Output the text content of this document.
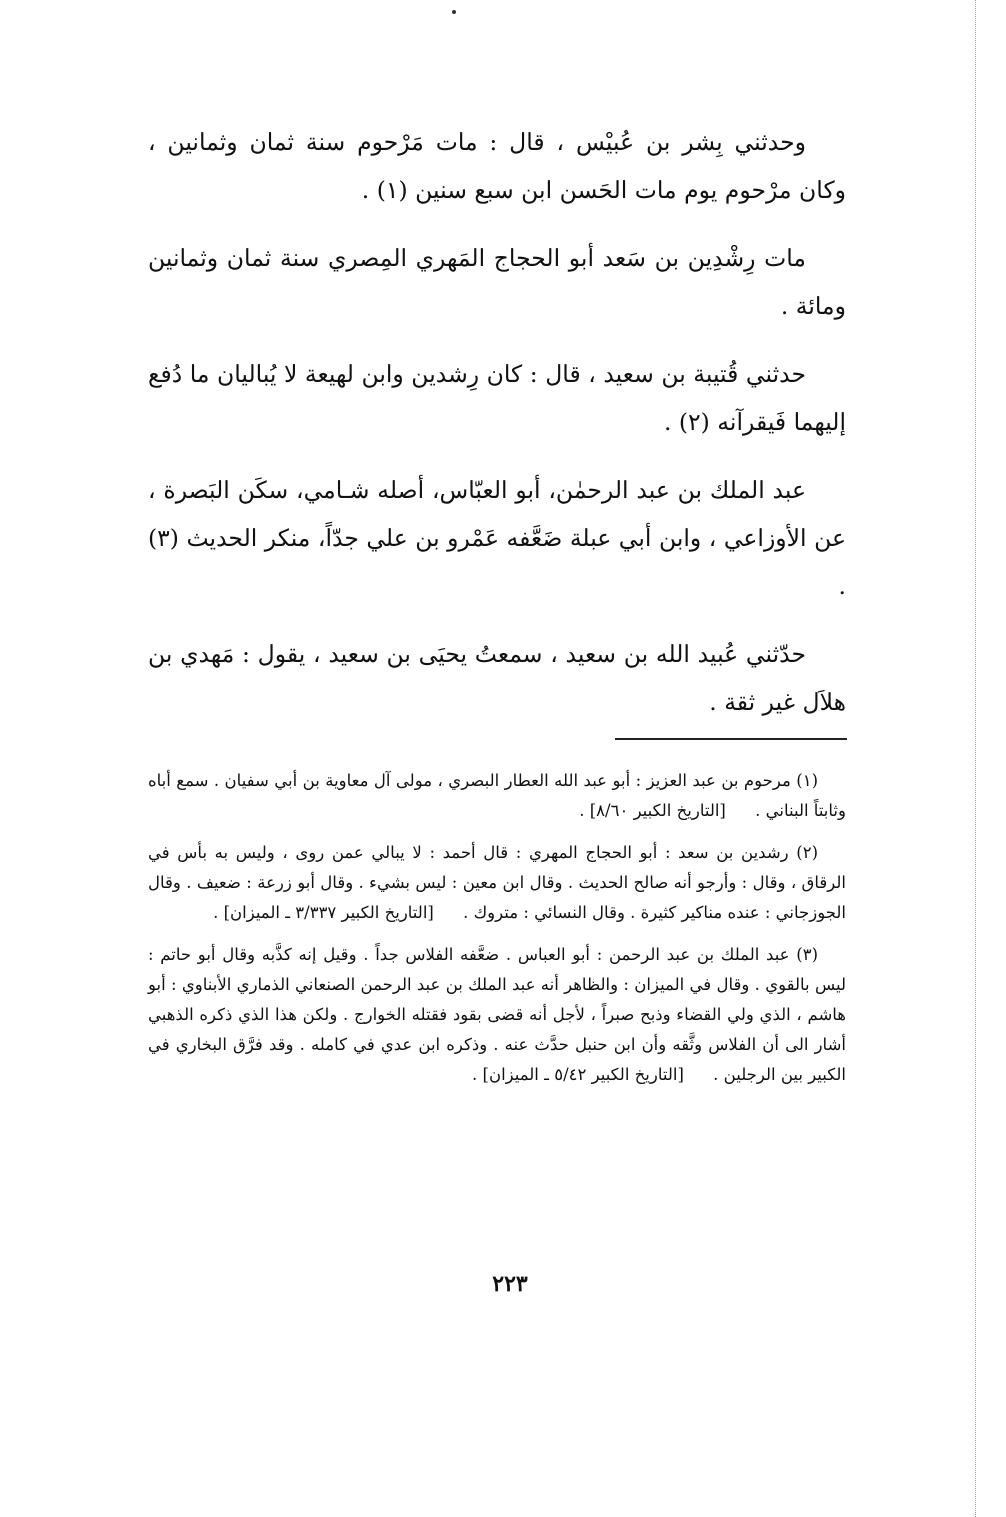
وحدثني بِشر بن عُبيْس ، قال : مات مَرْحوم سنة ثمان وثمانين ، وكان مرْحوم يوم مات الحَسن ابن سبع سنين (١) .

مات رِشْدِين بن سَعد أبو الحجاج المَهري المِصري سنة ثمان وثمانين ومائة .

حدثني قُتيبة بن سعيد ، قال : كان رِشدين وابن لهيعة لا يُباليان ما دُفع إليهما فَيقرآنه (٢) .

عبد الملك بن عبد الرحمٰن، أبو العبّاس، أصله شـامي، سكَن البَصرة ، عن الأوزاعي ، وابن أبي عبلة ضَعَّفه عَمْرو بن علي جدّاً، منكر الحديث (٣) .

حدّثني عُبيد الله بن سعيد ، سمعتُ يحيَى بن سعيد ، يقول : مَهدي بن هلاَل غير ثقة .

(١) مرحوم بن عبد العزيز : أبو عبد الله العطار البصري ، مولى آل معاوية بن أبي سفيان . سمع أباه وثابتاً البناني . [التاريخ الكبير ٨/٦٠] .

(٢) رشدين بن سعد : أبو الحجاج المهري : قال أحمد : لا يبالي عمن روى ، وليس به بأس في الرقاق ، وقال : وأرجو أنه صالح الحديث . وقال ابن معين : ليس بشيء . وقال أبو زرعة : ضعيف . وقال الجوزجاني : عنده مناكير كثيرة . وقال النسائي : متروك . [التاريخ الكبير ٣/٣٣٧ ـ الميزان] .

(٣) عبد الملك بن عبد الرحمن : أبو العباس . ضعَّفه الفلاس جداً . وقيل إنه كذَّبه وقال أبو حاتم : ليس بالقوي . وقال في الميزان : والظاهر أنه عبد الملك بن عبد الرحمن الصنعاني الذماري الأبناوي : أبو هاشم ، الذي ولي القضاء وذبح صبراً ، لأجل أنه قضى بقود فقتله الخوارج . ولكن هذا الذي ذكره الذهبي أشار الى أن الفلاس وثَّقه وأن ابن حنبل حدَّث عنه . وذكره ابن عدي في كامله . وقد فرَّق البخاري في الكبير بين الرجلين . [التاريخ الكبير ٥/٤٢ ـ الميزان] .

٢٢٣
